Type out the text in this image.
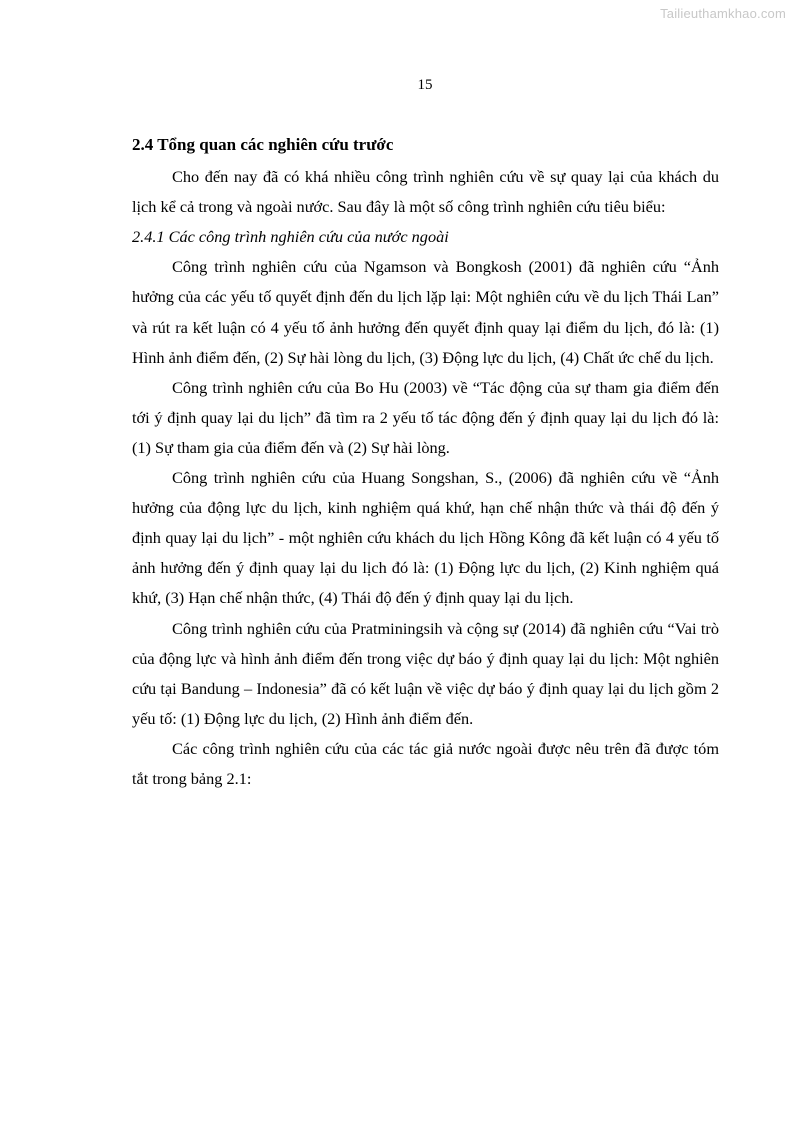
Tailieuthamkhao.com
15
2.4 Tổng quan các nghiên cứu trước

Cho đến nay đã có khá nhiều công trình nghiên cứu về sự quay lại của khách du lịch kể cả trong và ngoài nước. Sau đây là một số công trình nghiên cứu tiêu biểu:

2.4.1 Các công trình nghiên cứu của nước ngoài

Công trình nghiên cứu của Ngamson và Bongkosh (2001) đã nghiên cứu “Ảnh hưởng của các yếu tố quyết định đến du lịch lặp lại: Một nghiên cứu về du lịch Thái Lan” và rút ra kết luận có 4 yếu tố ảnh hưởng đến quyết định quay lại điểm du lịch, đó là: (1) Hình ảnh điểm đến, (2) Sự hài lòng du lịch, (3) Động lực du lịch, (4) Chất ức chế du lịch.

Công trình nghiên cứu của Bo Hu (2003) về “Tác động của sự tham gia điểm đến tới ý định quay lại du lịch” đã tìm ra 2 yếu tố tác động đến ý định quay lại du lịch đó là: (1) Sự tham gia của điểm đến và (2) Sự hài lòng.

Công trình nghiên cứu của Huang Songshan, S., (2006) đã nghiên cứu về “Ảnh hưởng của động lực du lịch, kinh nghiệm quá khứ, hạn chế nhận thức và thái độ đến ý định quay lại du lịch” - một nghiên cứu khách du lịch Hồng Kông đã kết luận có 4 yếu tố ảnh hưởng đến ý định quay lại du lịch đó là: (1) Động lực du lịch, (2) Kinh nghiệm quá khứ, (3) Hạn chế nhận thức, (4) Thái độ đến ý định quay lại du lịch.

Công trình nghiên cứu của Pratminingsih và cộng sự (2014) đã nghiên cứu “Vai trò của động lực và hình ảnh điểm đến trong việc dự báo ý định quay lại du lịch: Một nghiên cứu tại Bandung – Indonesia” đã có kết luận về việc dự báo ý định quay lại du lịch gồm 2 yếu tố: (1) Động lực du lịch, (2) Hình ảnh điểm đến.

Các công trình nghiên cứu của các tác giả nước ngoài được nêu trên đã được tóm tắt trong bảng 2.1:
